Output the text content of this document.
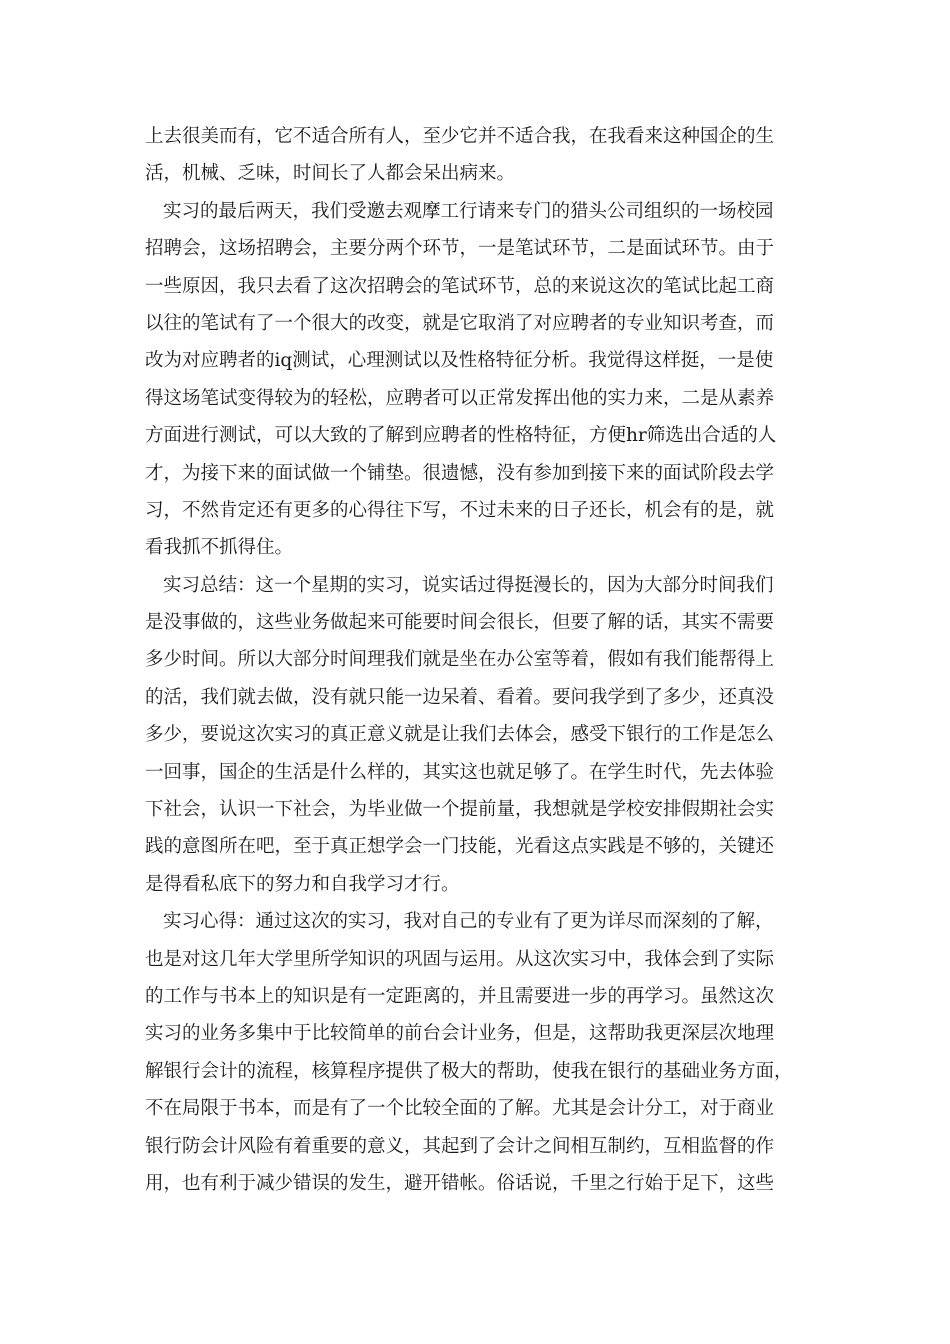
上去很美而有，它不适合所有人，至少它并不适合我，在我看来这种国企的生
活，机械、乏味，时间长了人都会呆出病来。
实习的最后两天，我们受邀去观摩工行请来专门的猎头公司组织的一场校园
招聘会，这场招聘会，主要分两个环节，一是笔试环节，二是面试环节。由于
一些原因，我只去看了这次招聘会的笔试环节，总的来说这次的笔试比起工商
以往的笔试有了一个很大的改变，就是它取消了对应聘者的专业知识考查，而
改为对应聘者的iq测试，心理测试以及性格特征分析。我觉得这样挺，一是使
得这场笔试变得较为的轻松，应聘者可以正常发挥出他的实力来，二是从素养
方面进行测试，可以大致的了解到应聘者的性格特征，方便hr筛选出合适的人
才，为接下来的面试做一个铺垫。很遗憾，没有参加到接下来的面试阶段去学
习，不然肯定还有更多的心得往下写，不过未来的日子还长，机会有的是，就
看我抓不抓得住。
实习总结：这一个星期的实习，说实话过得挺漫长的，因为大部分时间我们
是没事做的，这些业务做起来可能要时间会很长，但要了解的话，其实不需要
多少时间。所以大部分时间理我们就是坐在办公室等着，假如有我们能帮得上
的活，我们就去做，没有就只能一边呆着、看着。要问我学到了多少，还真没
多少，要说这次实习的真正意义就是让我们去体会，感受下银行的工作是怎么
一回事，国企的生活是什么样的，其实这也就足够了。在学生时代，先去体验
下社会，认识一下社会，为毕业做一个提前量，我想就是学校安排假期社会实
践的意图所在吧，至于真正想学会一门技能，光看这点实践是不够的，关键还
是得看私底下的努力和自我学习才行。
实习心得：通过这次的实习，我对自己的专业有了更为详尽而深刻的了解，
也是对这几年大学里所学知识的巩固与运用。从这次实习中，我体会到了实际
的工作与书本上的知识是有一定距离的，并且需要进一步的再学习。虽然这次
实习的业务多集中于比较简单的前台会计业务，但是，这帮助我更深层次地理
解银行会计的流程，核算程序提供了极大的帮助，使我在银行的基础业务方面，
不在局限于书本，而是有了一个比较全面的了解。尤其是会计分工，对于商业
银行防会计风险有着重要的意义，其起到了会计之间相互制约，互相监督的作
用，也有利于减少错误的发生，避开错帐。俗话说，千里之行始于足下，这些
